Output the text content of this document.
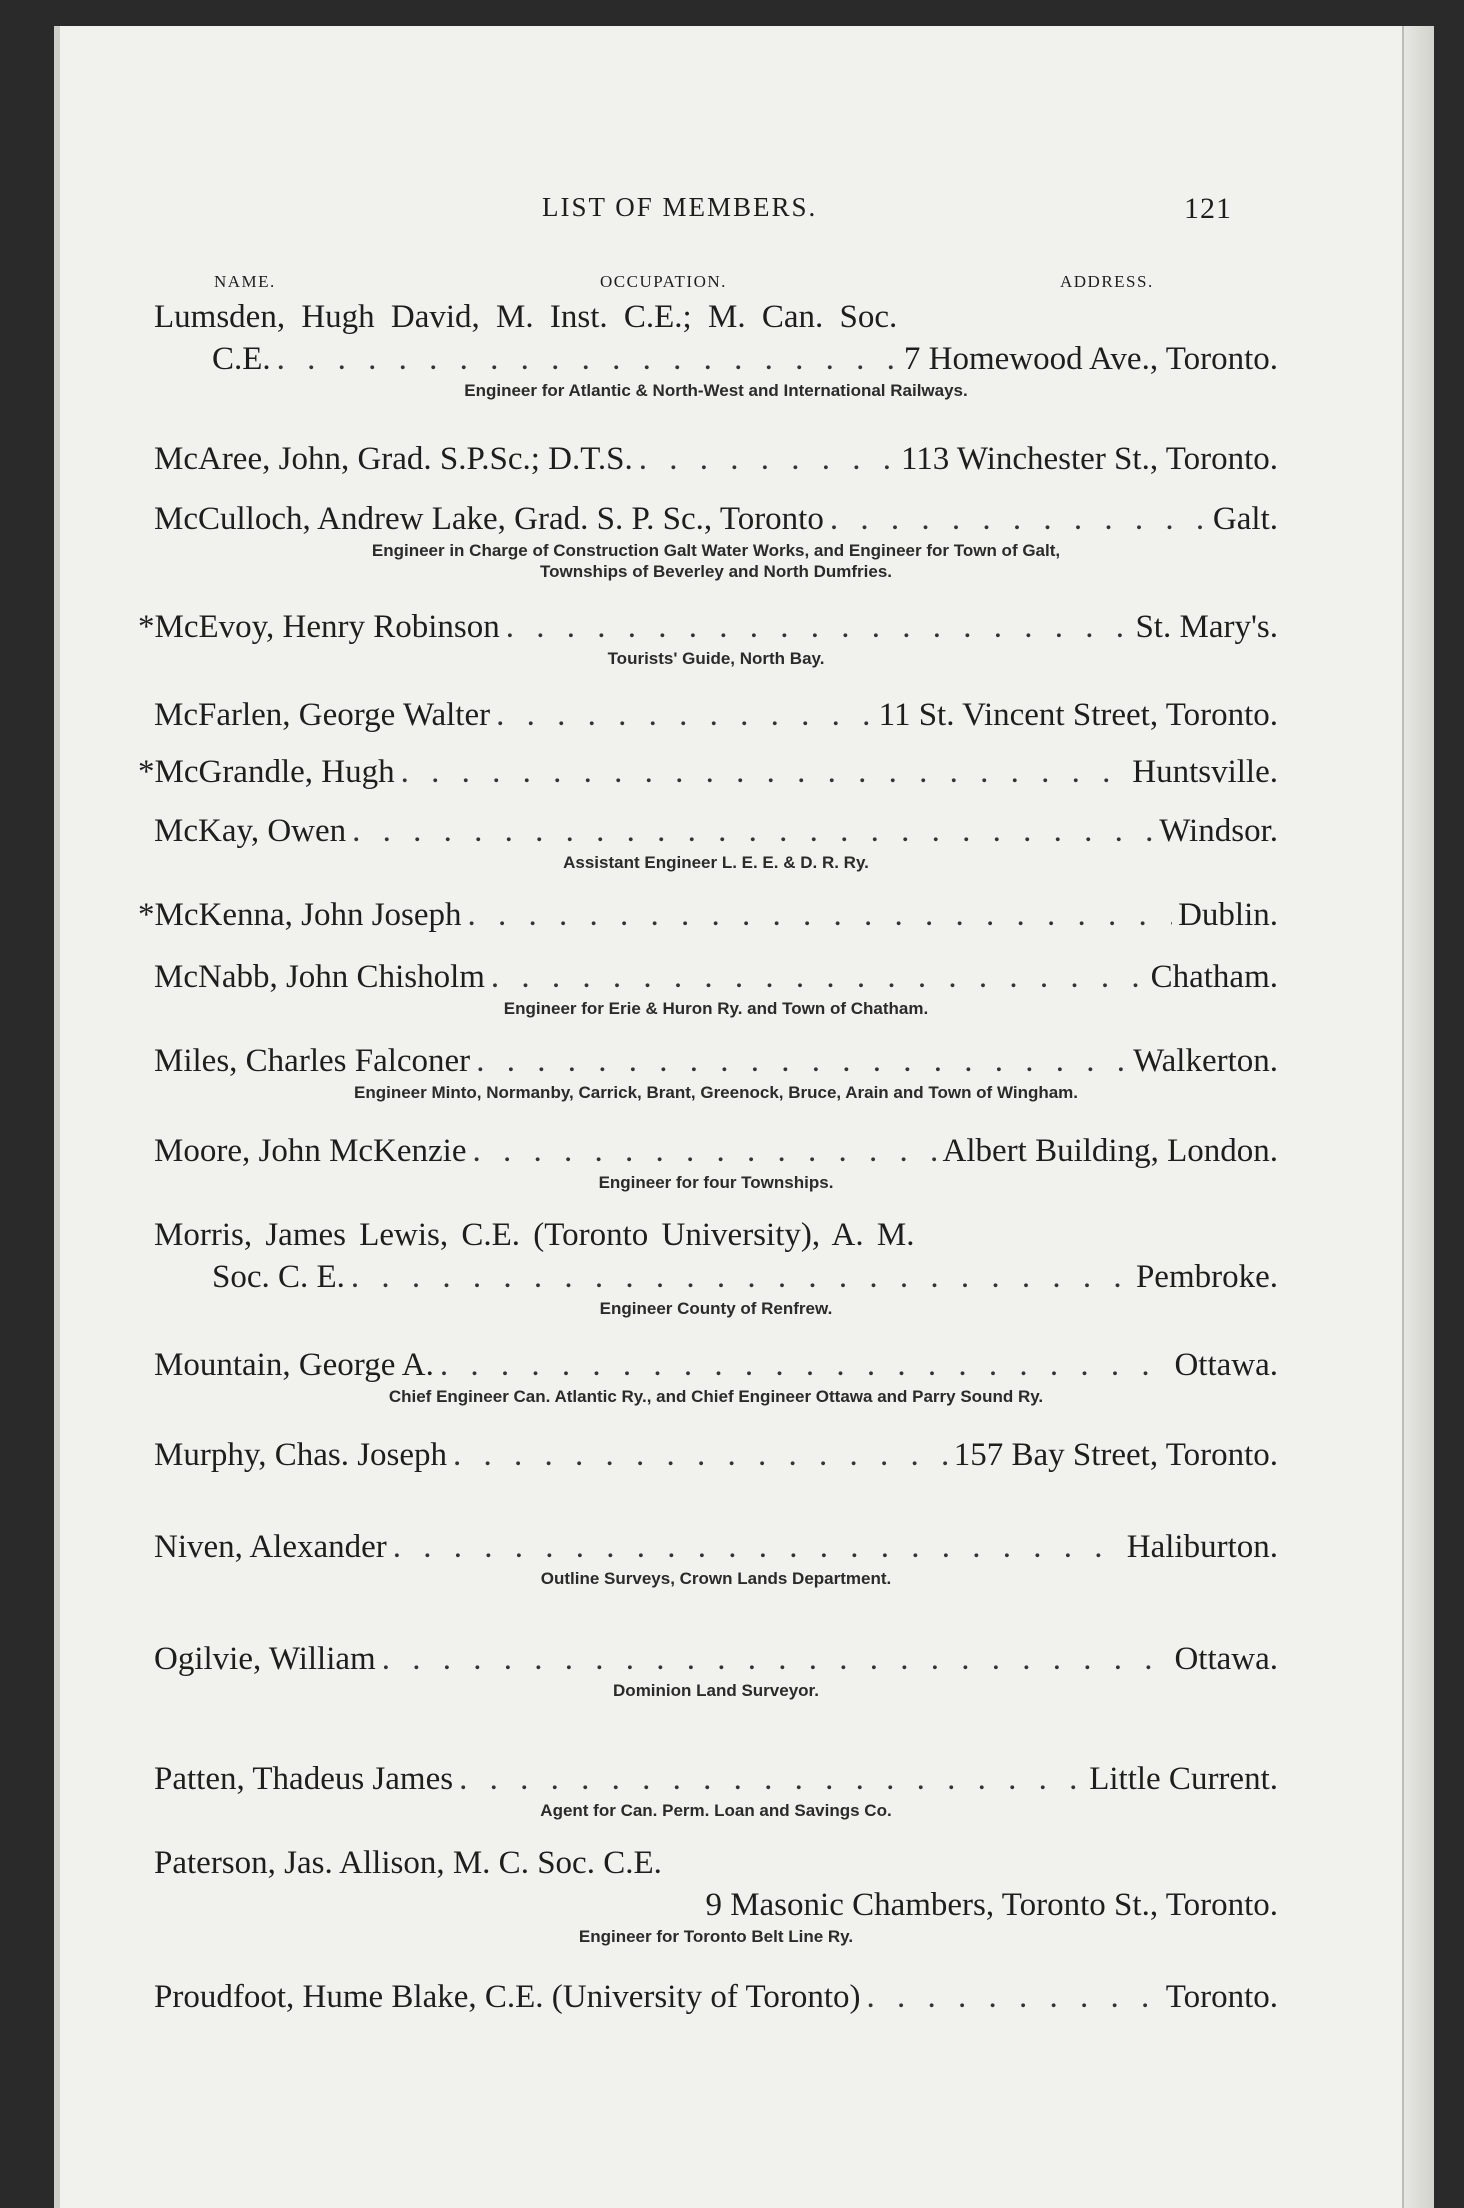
LIST OF MEMBERS.	121
NAME.	OCCUPATION.	ADDRESS.
Lumsden, Hugh David, M. Inst. C.E.; M. Can. Soc.
C.E. . . .	7 Homewood Ave., Toronto.
Engineer for Atlantic & North-West and International Railways.
McAree, John, Grad. S.P.Sc.; D.T.S. . . .	113 Winchester St., Toronto.
McCulloch, Andrew Lake, Grad. S. P. Sc., Toronto . . .	Galt.
Engineer in Charge of Construction Galt Water Works, and Engineer for Town of Galt,
Townships of Beverley and North Dumfries.
*McEvoy, Henry Robinson . . .	St. Mary's.
Tourists' Guide, North Bay.
McFarlen, George Walter . . .	11 St. Vincent Street, Toronto.
*McGrandle, Hugh . . .	Huntsville.
McKay, Owen . . .	Windsor.
Assistant Engineer L. E. E. & D. R. Ry.
*McKenna, John Joseph . . .	Dublin.
McNabb, John Chisholm . . .	Chatham.
Engineer for Erie & Huron Ry. and Town of Chatham.
Miles, Charles Falconer . . .	Walkerton.
Engineer Minto, Normanby, Carrick, Brant, Greenock, Bruce, Arain and Town of Wingham.
Moore, John McKenzie . . .	Albert Building, London.
Engineer for four Townships.
Morris, James Lewis, C.E. (Toronto University), A. M.
Soc. C. E. . . .	Pembroke.
Engineer County of Renfrew.
Mountain, George A. . . .	Ottawa.
Chief Engineer Can. Atlantic Ry., and Chief Engineer Ottawa and Parry Sound Ry.
Murphy, Chas. Joseph . . .	157 Bay Street, Toronto.
Niven, Alexander . . .	Haliburton.
Outline Surveys, Crown Lands Department.
Ogilvie, William . . .	Ottawa.
Dominion Land Surveyor.
Patten, Thadeus James . . .	Little Current.
Agent for Can. Perm. Loan and Savings Co.
Paterson, Jas. Allison, M. C. Soc. C.E.
9 Masonic Chambers, Toronto St., Toronto.
Engineer for Toronto Belt Line Ry.
Proudfoot, Hume Blake, C.E. (University of Toronto) . . .	Toronto.
